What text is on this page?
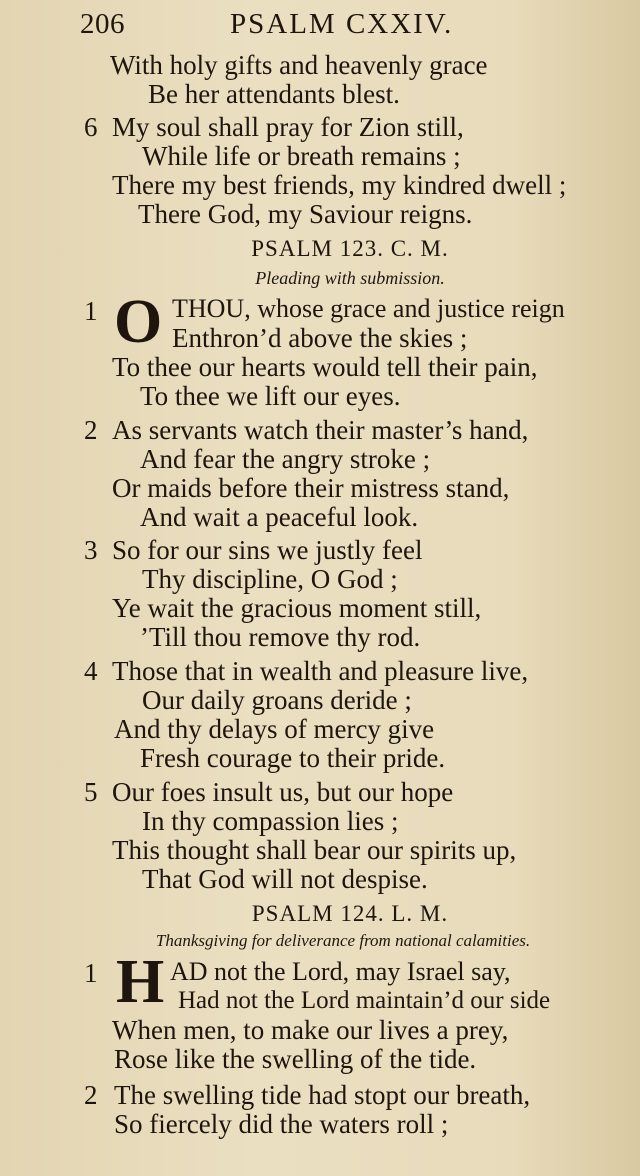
206	PSALM CXXIV.
With holy gifts and heavenly grace
Be her attendants blest.
6 My soul shall pray for Zion still,
While life or breath remains ;
There my best friends, my kindred dwell ;
There God, my Saviour reigns.
PSALM 123. C. M.
Pleading with submission.
1 O THOU, whose grace and justice reign
Enthron’d above the skies ;
To thee our hearts would tell their pain,
To thee we lift our eyes.
2 As servants watch their master’s hand,
And fear the angry stroke ;
Or maids before their mistress stand,
And wait a peaceful look.
3 So for our sins we justly feel
Thy discipline, O God ;
Ye wait the gracious moment still,
’Till thou remove thy rod.
4 Those that in wealth and pleasure live,
Our daily groans deride ;
And thy delays of mercy give
Fresh courage to their pride.
5 Our foes insult us, but our hope
In thy compassion lies ;
This thought shall bear our spirits up,
That God will not despise.
PSALM 124. L. M.
Thanksgiving for deliverance from national calamities.
1 H AD not the Lord, may Israel say,
Had not the Lord maintain’d our side
When men, to make our lives a prey,
Rose like the swelling of the tide.
2 The swelling tide had stopt our breath,
So fiercely did the waters roll ;
